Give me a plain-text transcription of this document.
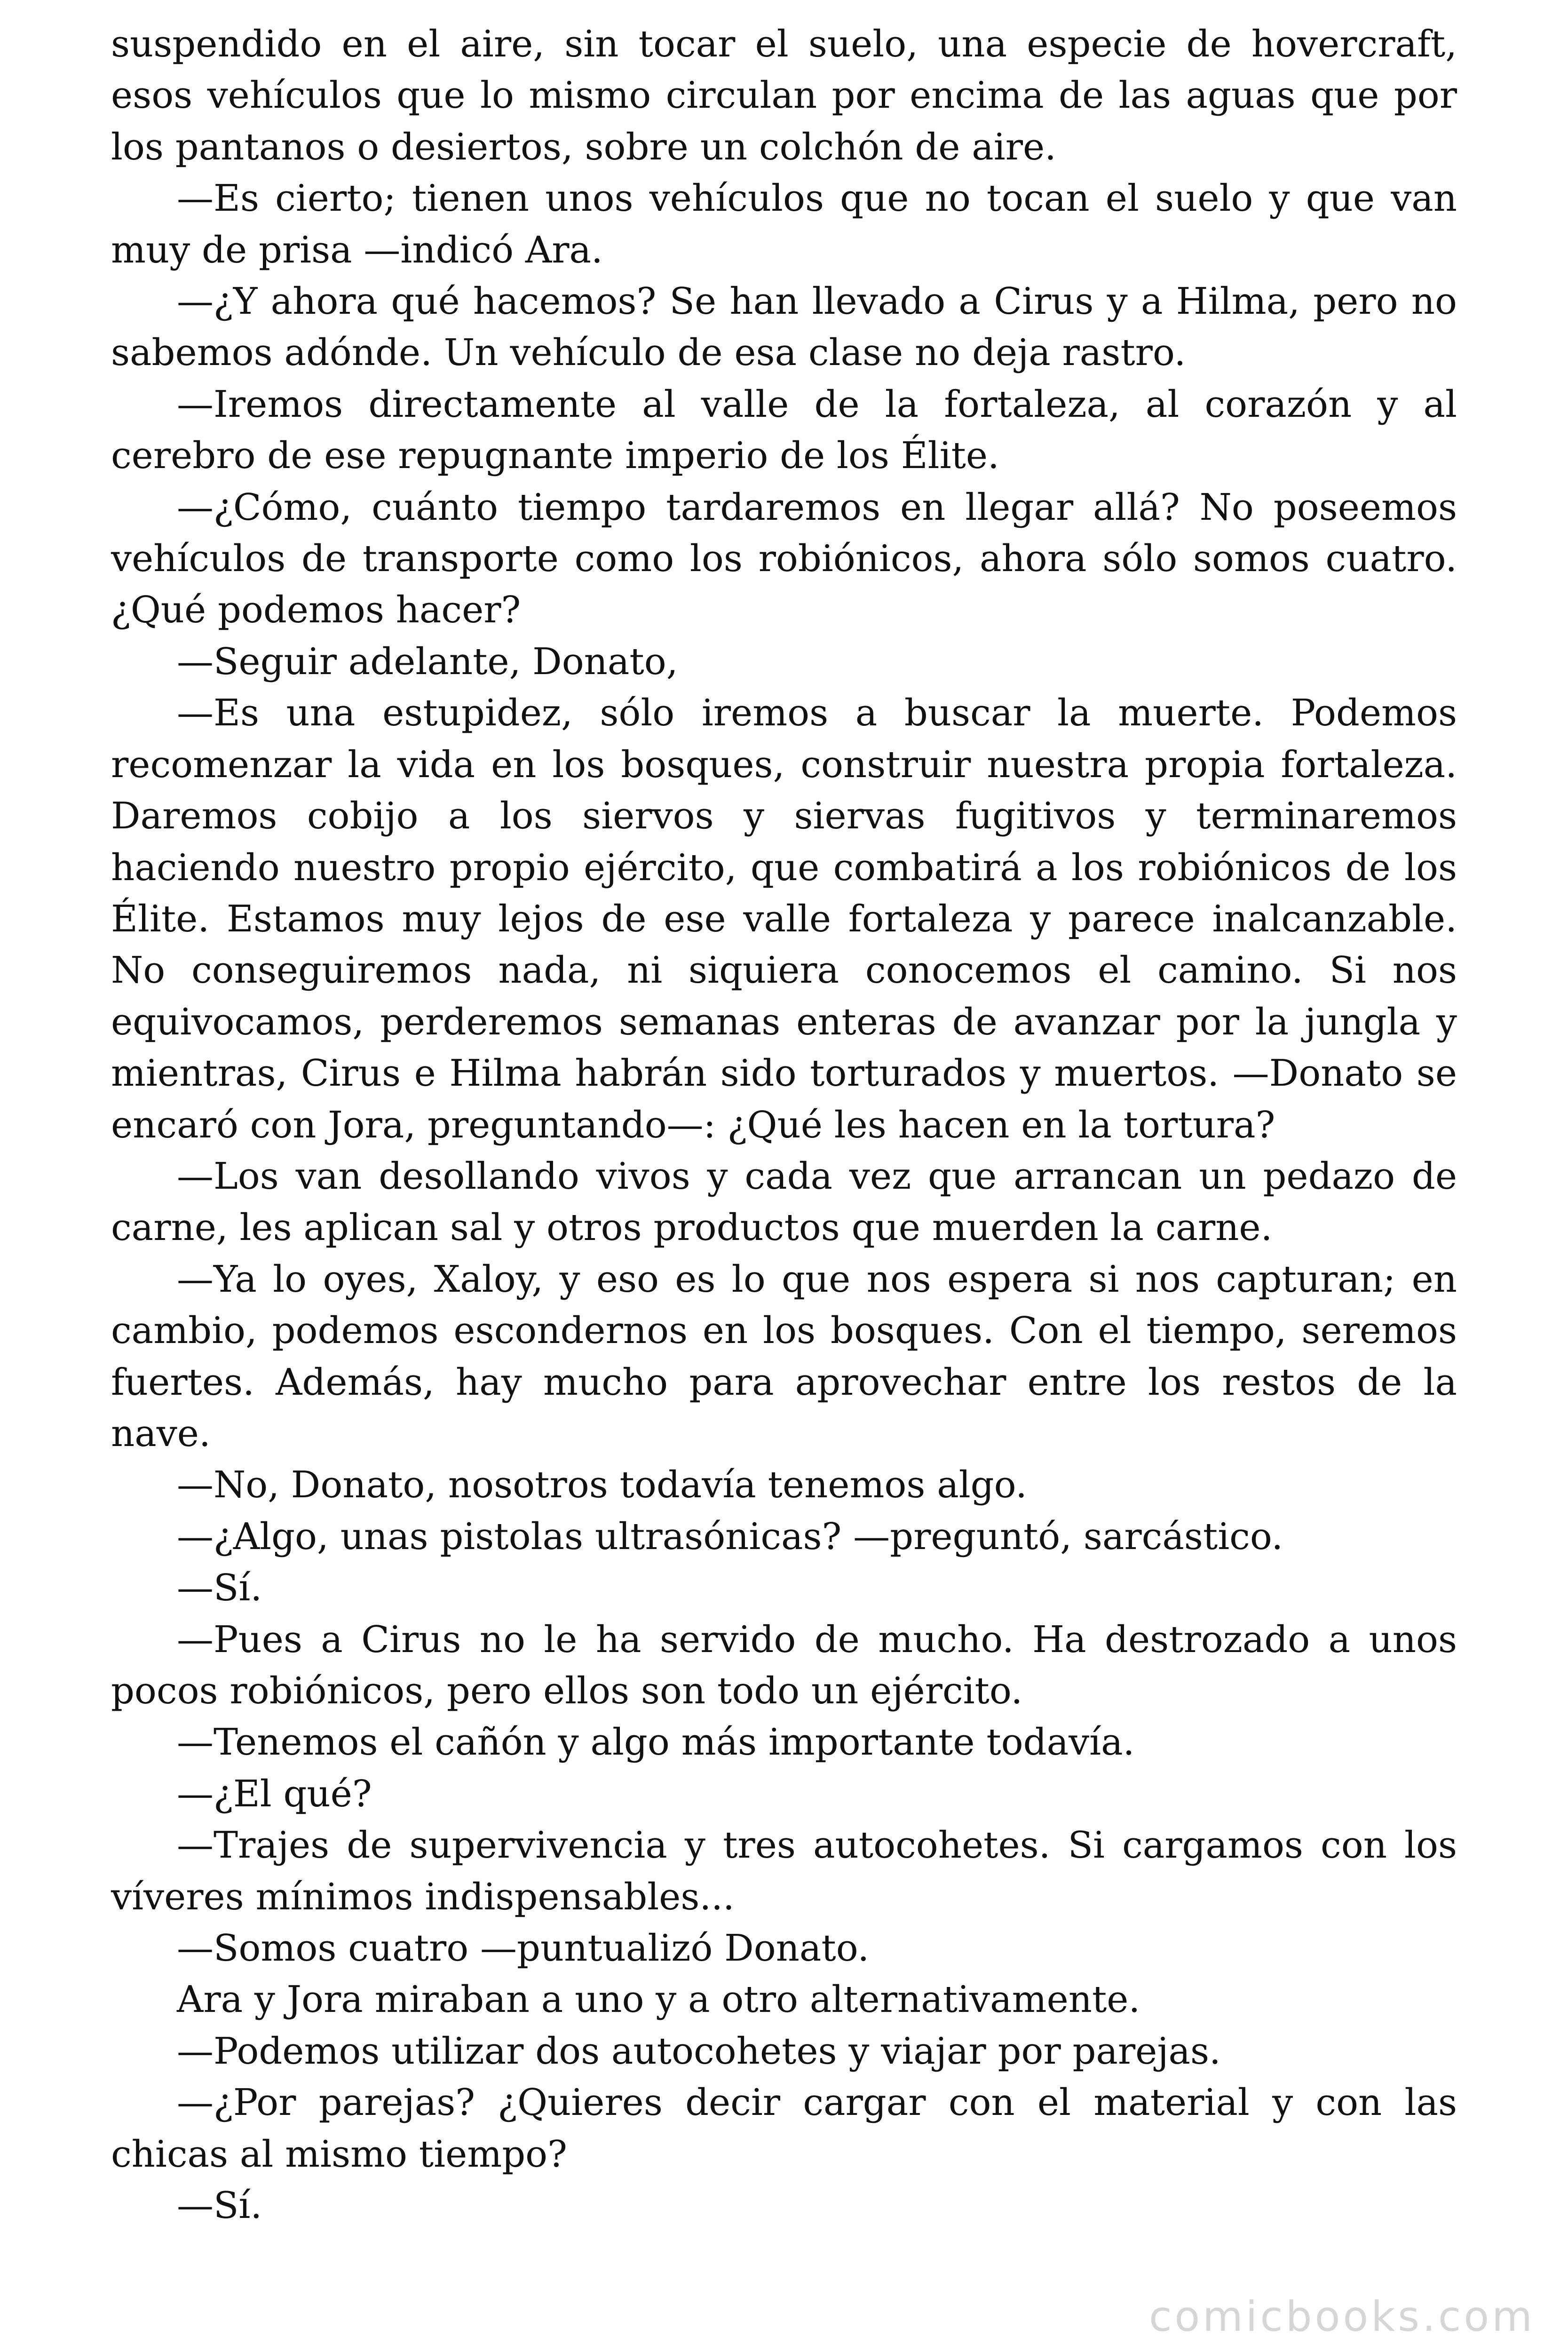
suspendido en el aire, sin tocar el suelo, una especie de hovercraft, esos vehículos que lo mismo circulan por encima de las aguas que por los pantanos o desiertos, sobre un colchón de aire.

—Es cierto; tienen unos vehículos que no tocan el suelo y que van muy de prisa —indicó Ara.

—¿Y ahora qué hacemos? Se han llevado a Cirus y a Hilma, pero no sabemos adónde. Un vehículo de esa clase no deja rastro.

—Iremos directamente al valle de la fortaleza, al corazón y al cerebro de ese repugnante imperio de los Élite.

—¿Cómo, cuánto tiempo tardaremos en llegar allá? No poseemos vehículos de transporte como los robiónicos, ahora sólo somos cuatro. ¿Qué podemos hacer?

—Seguir adelante, Donato,

—Es una estupidez, sólo iremos a buscar la muerte. Podemos recomenzar la vida en los bosques, construir nuestra propia fortaleza. Daremos cobijo a los siervos y siervas fugitivos y terminaremos haciendo nuestro propio ejército, que combatirá a los robiónicos de los Élite. Estamos muy lejos de ese valle fortaleza y parece inalcanzable. No conseguiremos nada, ni siquiera conocemos el camino. Si nos equivocamos, perderemos semanas enteras de avanzar por la jungla y mientras, Cirus e Hilma habrán sido torturados y muertos. —Donato se encaró con Jora, preguntando—: ¿Qué les hacen en la tortura?

—Los van desollando vivos y cada vez que arrancan un pedazo de carne, les aplican sal y otros productos que muerden la carne.

—Ya lo oyes, Xaloy, y eso es lo que nos espera si nos capturan; en cambio, podemos escondernos en los bosques. Con el tiempo, seremos fuertes. Además, hay mucho para aprovechar entre los restos de la nave.

—No, Donato, nosotros todavía tenemos algo.

—¿Algo, unas pistolas ultrasónicas? —preguntó, sarcástico.

—Sí.

—Pues a Cirus no le ha servido de mucho. Ha destrozado a unos pocos robiónicos, pero ellos son todo un ejército.

—Tenemos el cañón y algo más importante todavía.

—¿El qué?

—Trajes de supervivencia y tres autocohetes. Si cargamos con los víveres mínimos indispensables...

—Somos cuatro —puntualizó Donato.

Ara y Jora miraban a uno y a otro alternativamente.

—Podemos utilizar dos autocohetes y viajar por parejas.

—¿Por parejas? ¿Quieres decir cargar con el material y con las chicas al mismo tiempo?

—Sí.

comicbooks.com
